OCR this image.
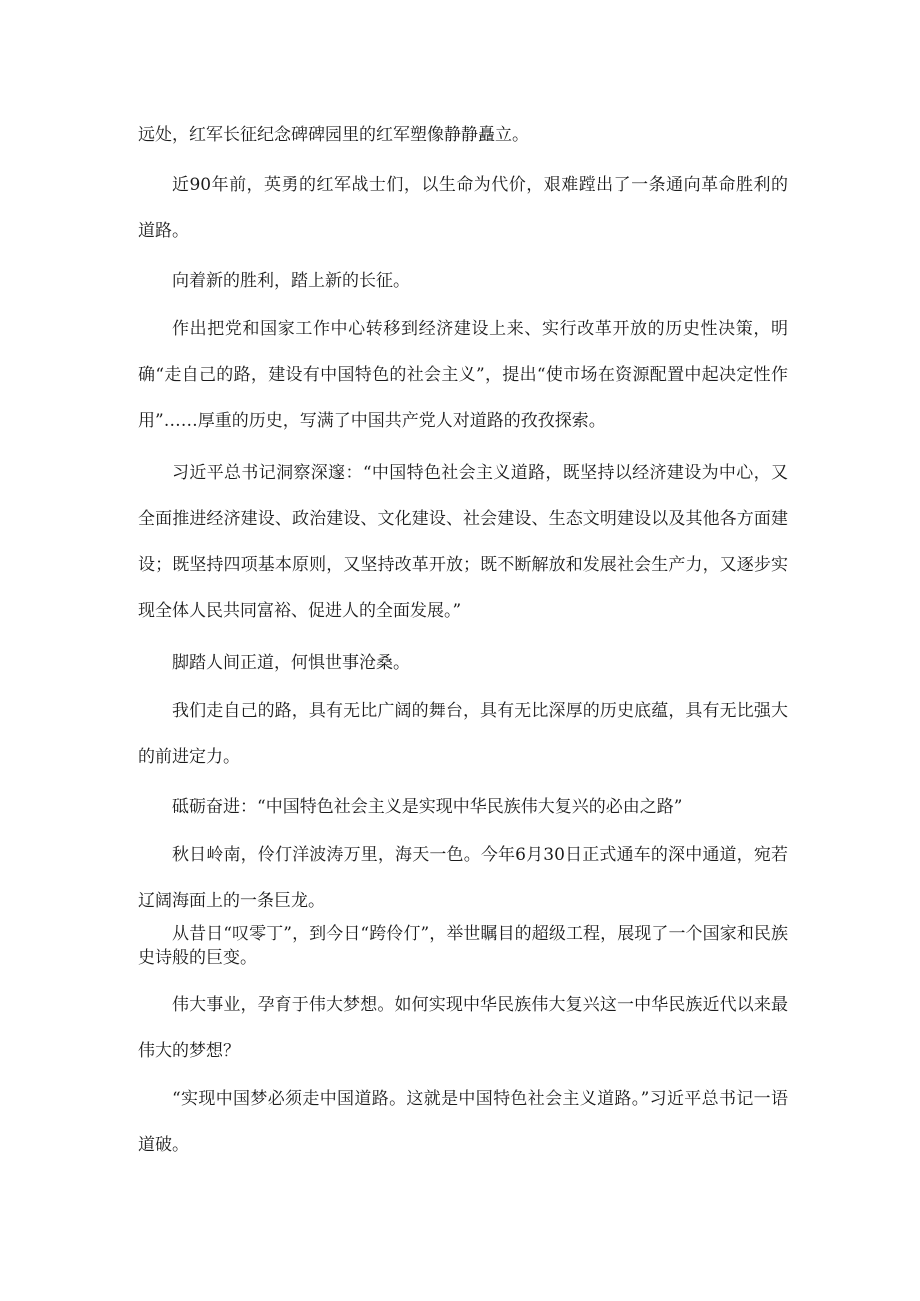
远处，红军长征纪念碑碑园里的红军塑像静静矗立。

近90年前，英勇的红军战士们，以生命为代价，艰难蹚出了一条通向革命胜利的道路。

向着新的胜利，踏上新的长征。

作出把党和国家工作中心转移到经济建设上来、实行改革开放的历史性决策，明确“走自己的路，建设有中国特色的社会主义”，提出“使市场在资源配置中起决定性作用”……厚重的历史，写满了中国共产党人对道路的孜孜探索。

习近平总书记洞察深邃：“中国特色社会主义道路，既坚持以经济建设为中心，又全面推进经济建设、政治建设、文化建设、社会建设、生态文明建设以及其他各方面建设；既坚持四项基本原则，又坚持改革开放；既不断解放和发展社会生产力，又逐步实现全体人民共同富裕、促进人的全面发展。”

脚踏人间正道，何惧世事沧桑。

我们走自己的路，具有无比广阔的舞台，具有无比深厚的历史底蕴，具有无比强大的前进定力。

砥砺奋进：“中国特色社会主义是实现中华民族伟大复兴的必由之路”

秋日岭南，伶仃洋波涛万里，海天一色。今年6月30日正式通车的深中通道，宛若辽阔海面上的一条巨龙。

从昔日“叹零丁”，到今日“跨伶仃”，举世瞩目的超级工程，展现了一个国家和民族史诗般的巨变。

伟大事业，孕育于伟大梦想。如何实现中华民族伟大复兴这一中华民族近代以来最伟大的梦想？

“实现中国梦必须走中国道路。这就是中国特色社会主义道路。”习近平总书记一语道破。
